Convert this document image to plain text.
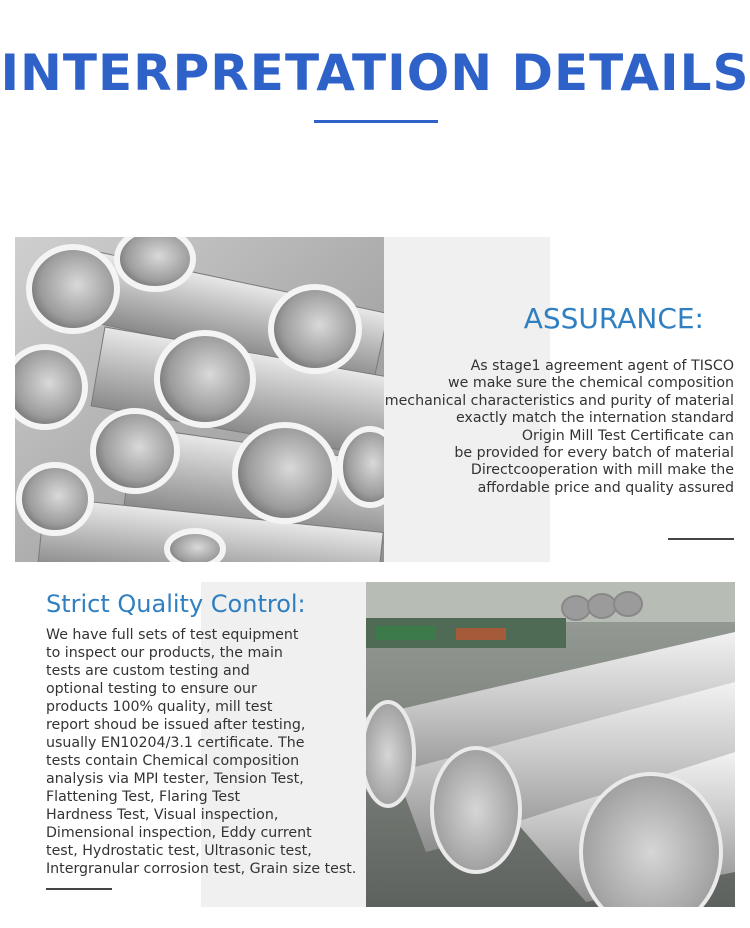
INTERPRETATION DETAILS
ASSURANCE:
As stage1 agreement agent of TISCO
we make sure the chemical composition
mechanical characteristics and purity of material
exactly match the internation standard
Origin Mill Test Certificate can
be provided for every batch of material
Directcooperation with mill make the
affordable price and quality assured
Strict Quality Control:
We have full sets of test equipment
to inspect our products, the main
tests are custom testing and
optional testing to ensure our
products 100% quality, mill test
report shoud be issued after testing,
usually EN10204/3.1 certificate. The
tests contain Chemical composition
analysis via MPI tester, Tension Test,
Flattening Test, Flaring Test
Hardness Test, Visual inspection,
Dimensional inspection, Eddy current
test, Hydrostatic test, Ultrasonic test,
Intergranular corrosion test, Grain size test.
